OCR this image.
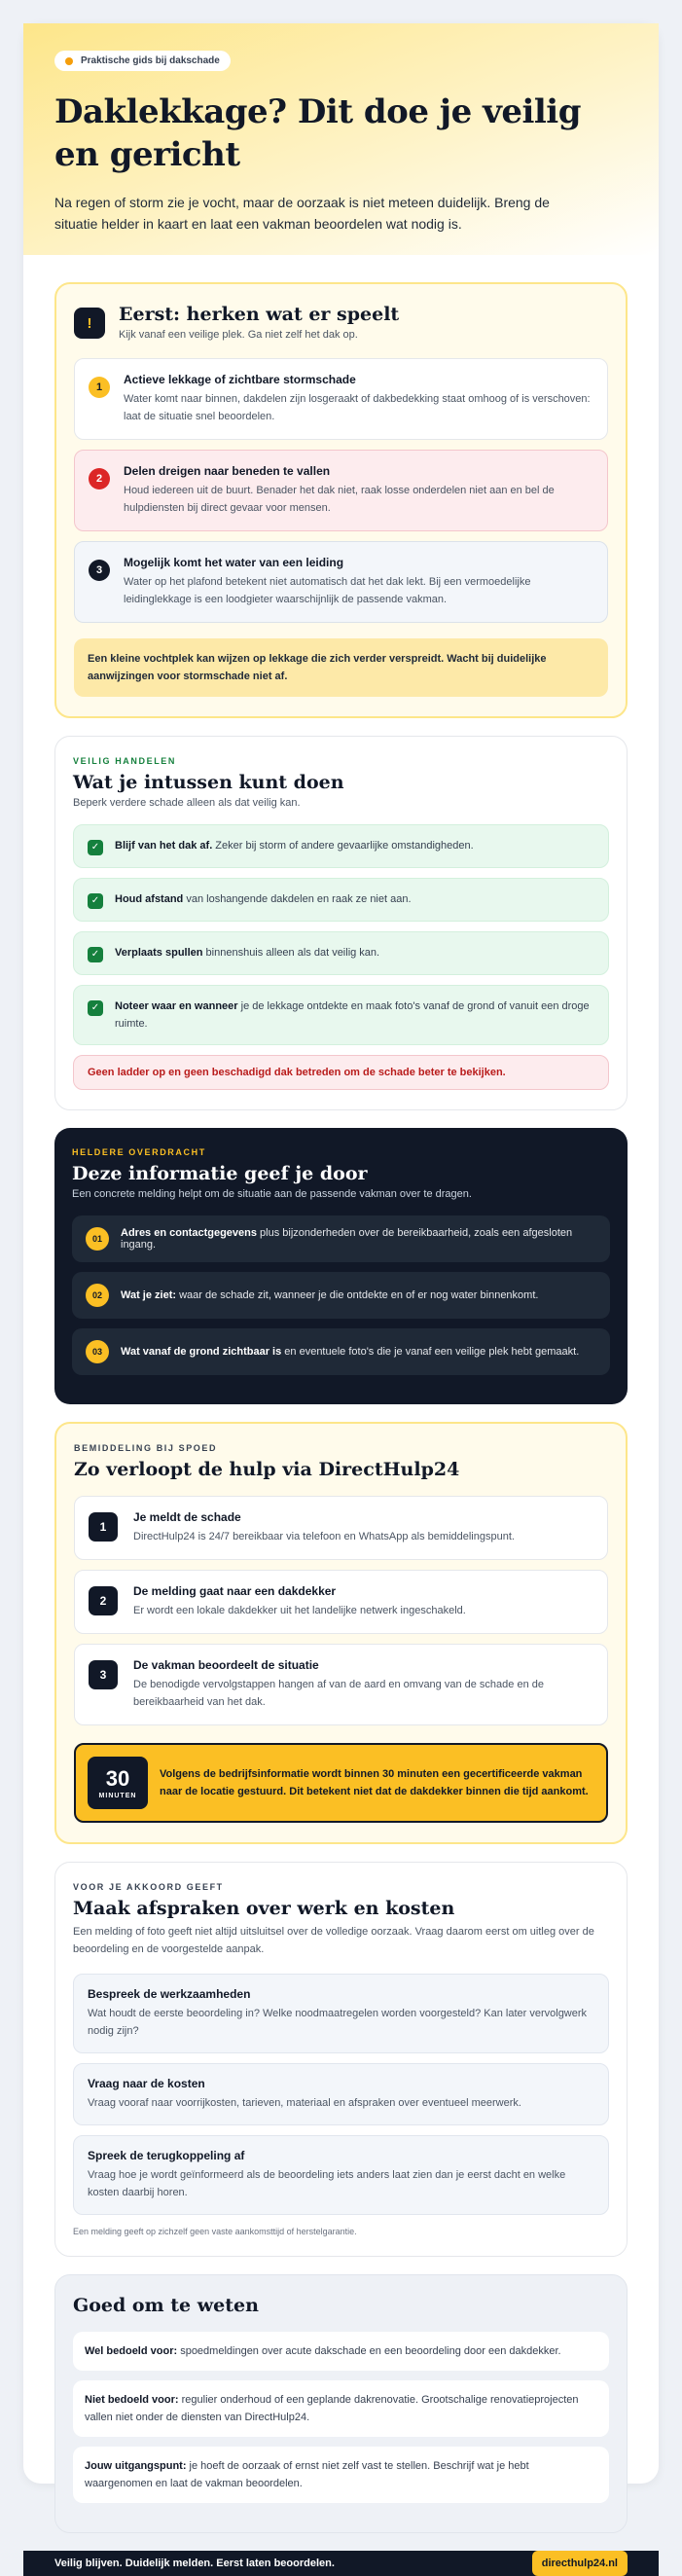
Praktische gids bij dakschade
Daklekkage? Dit doe je veilig en gericht

Na regen of storm zie je vocht, maar de oorzaak is niet meteen duidelijk. Breng de situatie helder in kaart en laat een vakman beoordelen wat nodig is.

!	Eerst: herken wat er speelt
Kijk vanaf een veilige plek. Ga niet zelf het dak op.
1
Actieve lekkage of zichtbare stormschade
Water komt naar binnen, dakdelen zijn losgeraakt of dakbedekking staat omhoog of is verschoven: laat de situatie snel beoordelen.
2
Delen dreigen naar beneden te vallen
Houd iedereen uit de buurt. Benader het dak niet, raak losse onderdelen niet aan en bel de hulpdiensten bij direct gevaar voor mensen.
3
Mogelijk komt het water van een leiding
Water op het plafond betekent niet automatisch dat het dak lekt. Bij een vermoedelijke leidinglekkage is een loodgieter waarschijnlijk de passende vakman.
Een kleine vochtplek kan wijzen op lekkage die zich verder verspreidt. Wacht bij duidelijke aanwijzingen voor stormschade niet af.
VEILIG HANDELEN
Wat je intussen kunt doen
Beperk verdere schade alleen als dat veilig kan.
✓	Blijf van het dak af. Zeker bij storm of andere gevaarlijke omstandigheden.
✓	Houd afstand van loshangende dakdelen en raak ze niet aan.
✓	Verplaats spullen binnenshuis alleen als dat veilig kan.
✓	Noteer waar en wanneer je de lekkage ontdekte en maak foto's vanaf de grond of vanuit een droge ruimte.
Geen ladder op en geen beschadigd dak betreden om de schade beter te bekijken.
HELDERE OVERDRACHT
Deze informatie geef je door
Een concrete melding helpt om de situatie aan de passende vakman over te dragen.
01	Adres en contactgegevens plus bijzonderheden over de bereikbaarheid, zoals een afgesloten ingang.
02	Wat je ziet: waar de schade zit, wanneer je die ontdekte en of er nog water binnenkomt.
03	Wat vanaf de grond zichtbaar is en eventuele foto's die je vanaf een veilige plek hebt gemaakt.
BEMIDDELING BIJ SPOED
Zo verloopt de hulp via DirectHulp24
1
Je meldt de schade
DirectHulp24 is 24/7 bereikbaar via telefoon en WhatsApp als bemiddelingspunt.
2
De melding gaat naar een dakdekker
Er wordt een lokale dakdekker uit het landelijke netwerk ingeschakeld.
3
De vakman beoordeelt de situatie
De benodigde vervolgstappen hangen af van de aard en omvang van de schade en de bereikbaarheid van het dak.
30
MINUTEN
Volgens de bedrijfsinformatie wordt binnen 30 minuten een gecertificeerde vakman naar de locatie gestuurd. Dit betekent niet dat de dakdekker binnen die tijd aankomt.
VOOR JE AKKOORD GEEFT
Maak afspraken over werk en kosten
Een melding of foto geeft niet altijd uitsluitsel over de volledige oorzaak. Vraag daarom eerst om uitleg over de beoordeling en de voorgestelde aanpak.
Bespreek de werkzaamheden
Wat houdt de eerste beoordeling in? Welke noodmaatregelen worden voorgesteld? Kan later vervolgwerk nodig zijn?
Vraag naar de kosten
Vraag vooraf naar voorrijkosten, tarieven, materiaal en afspraken over eventueel meerwerk.
Spreek de terugkoppeling af
Vraag hoe je wordt geïnformeerd als de beoordeling iets anders laat zien dan je eerst dacht en welke kosten daarbij horen.
Een melding geeft op zichzelf geen vaste aankomsttijd of herstelgarantie.
Goed om te weten
Wel bedoeld voor: spoedmeldingen over acute dakschade en een beoordeling door een dakdekker.
Niet bedoeld voor: regulier onderhoud of een geplande dakrenovatie. Grootschalige renovatieprojecten vallen niet onder de diensten van DirectHulp24.
Jouw uitgangspunt: je hoeft de oorzaak of ernst niet zelf vast te stellen. Beschrijf wat je hebt waargenomen en laat de vakman beoordelen.
Veilig blijven. Duidelijk melden. Eerst laten beoordelen.	directhulp24.nl
